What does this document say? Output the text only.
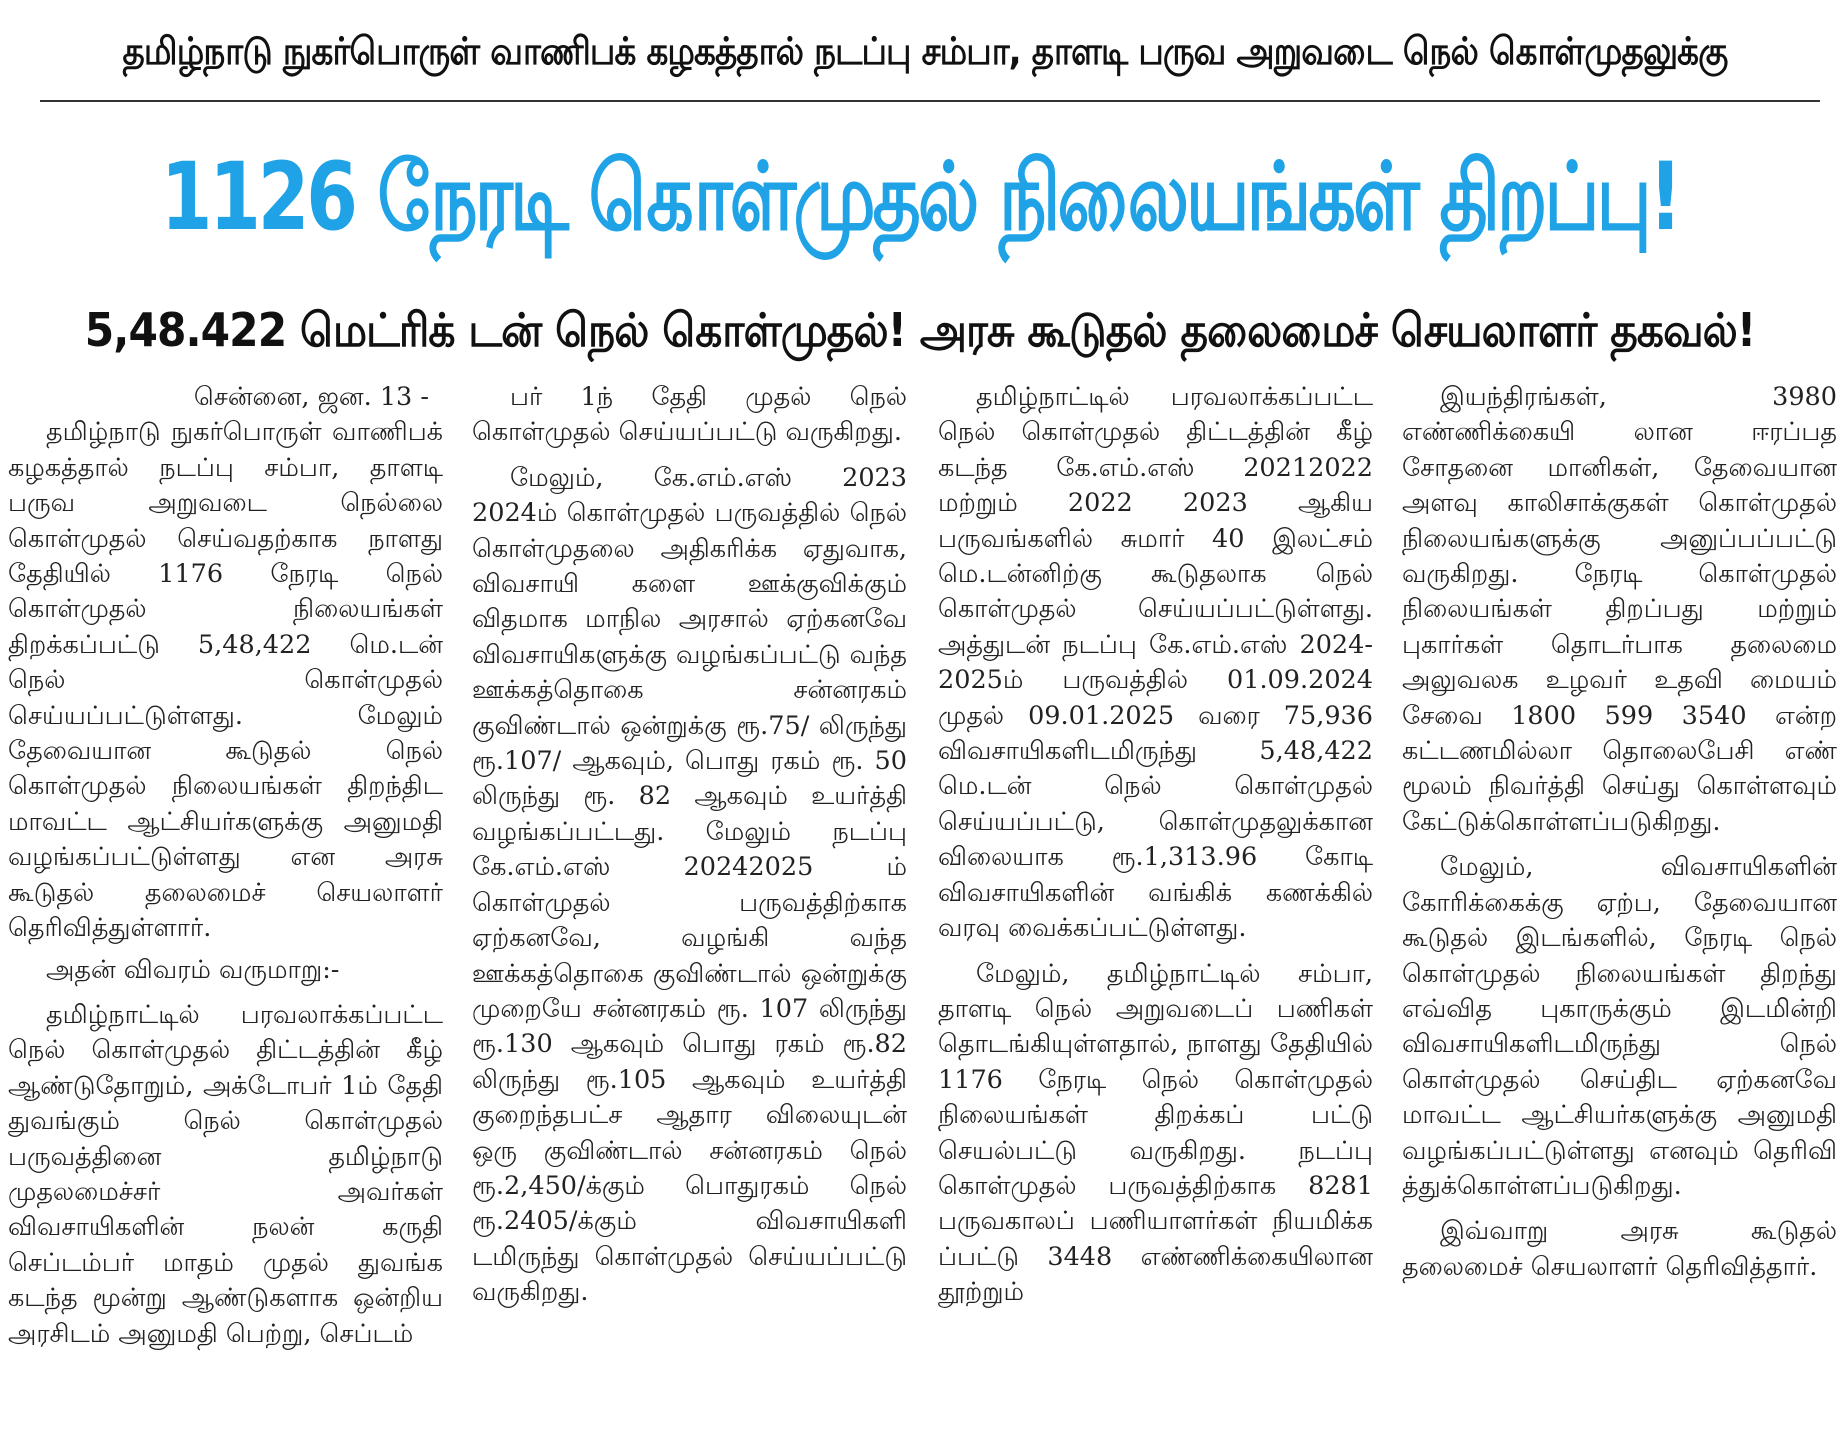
தமிழ்நாடு நுகர்பொருள் வாணிபக் கழகத்தால் நடப்பு சம்பா, தாளடி பருவ அறுவடை நெல் கொள்முதலுக்கு
1126 நேரடி கொள்முதல் நிலையங்கள் திறப்பு!
5,48.422 மெட்ரிக் டன் நெல் கொள்முதல்! அரசு கூடுதல் தலைமைச் செயலாளர் தகவல்!

சென்னை, ஜன. 13 -

தமிழ்நாடு நுகர்பொருள் வாணிபக் கழகத்தால் நடப்பு சம்பா, தாளடி பருவ அறுவடை நெல்லை கொள்முதல் செய்வதற்காக நாளது தேதியில் 1176 நேரடி நெல் கொள்முதல் நிலையங்கள் திறக்கப்பட்டு 5,48,422 மெ.டன் நெல் கொள்முதல் செய்யப்பட்டுள்ளது. மேலும் தேவையான கூடுதல் நெல் கொள்முதல் நிலையங்கள் திறந்திட மாவட்ட ஆட்சியர்களுக்கு அனுமதி வழங்கப்பட்டுள்ளது என அரசு கூடுதல் தலைமைச் செயலாளர் தெரிவித்துள்ளார்.

அதன் விவரம் வருமாறு:-

தமிழ்நாட்டில் பரவலாக்கப்பட்ட நெல் கொள்முதல் திட்டத்தின் கீழ் ஆண்டுதோறும், அக்டோபர் 1ம் தேதி துவங்கும் நெல் கொள்முதல் பருவத்தினை தமிழ்நாடு முதலமைச்சர் அவர்கள் விவசாயிகளின் நலன் கருதி செப்டம்பர் மாதம் முதல் துவங்க கடந்த மூன்று ஆண்டுகளாக ஒன்றிய அரசிடம் அனுமதி பெற்று, செப்டம்

பர் 1ந் தேதி முதல் நெல் கொள்முதல் செய்யப்பட்டு வருகிறது.

மேலும், கே.எம்.எஸ் 2023 2024ம் கொள்முதல் பருவத்தில் நெல் கொள்முதலை அதிகரிக்க ஏதுவாக, விவசாயி களை ஊக்குவிக்கும் விதமாக மாநில அரசால் ஏற்கனவே விவசாயிகளுக்கு வழங்கப்பட்டு வந்த ஊக்கத்தொகை சன்னரகம் குவிண்டால் ஒன்றுக்கு ரூ.75/ லிருந்து ரூ.107/ ஆகவும், பொது ரகம் ரூ. 50 லிருந்து ரூ. 82 ஆகவும் உயர்த்தி வழங்கப்பட்டது. மேலும் நடப்பு கே.எம்.எஸ் 20242025 ம் கொள்முதல் பருவத்திற்காக ஏற்கனவே, வழங்கி வந்த ஊக்கத்தொகை குவிண்டால் ஒன்றுக்கு முறையே சன்னரகம் ரூ. 107 லிருந்து ரூ.130 ஆகவும் பொது ரகம் ரூ.82 லிருந்து ரூ.105 ஆகவும் உயர்த்தி குறைந்தபட்ச ஆதார விலையுடன் ஒரு குவிண்டால் சன்னரகம் நெல் ரூ.2,450/க்கும் பொதுரகம் நெல் ரூ.2405/க்கும் விவசாயிகளி டமிருந்து கொள்முதல் செய்யப்பட்டு வருகிறது.

தமிழ்நாட்டில் பரவலாக்கப்பட்ட நெல் கொள்முதல் திட்டத்தின் கீழ் கடந்த கே.எம்.எஸ் 20212022 மற்றும் 2022 2023 ஆகிய பருவங்களில் சுமார் 40 இலட்சம் மெ.டன்னிற்கு கூடுதலாக நெல் கொள்முதல் செய்யப்பட்டுள்ளது. அத்துடன் நடப்பு கே.எம்.எஸ் 2024-2025ம் பருவத்தில் 01.09.2024 முதல் 09.01.2025 வரை 75,936 விவசாயிகளிடமிருந்து 5,48,422 மெ.டன் நெல் கொள்முதல் செய்யப்பட்டு, கொள்முதலுக்கான விலையாக ரூ.1,313.96 கோடி விவசாயிகளின் வங்கிக் கணக்கில் வரவு வைக்கப்பட்டுள்ளது.

மேலும், தமிழ்நாட்டில் சம்பா, தாளடி நெல் அறுவடைப் பணிகள் தொடங்கியுள்ளதால், நாளது தேதியில் 1176 நேரடி நெல் கொள்முதல் நிலையங்கள் திறக்கப் பட்டு செயல்பட்டு வருகிறது. நடப்பு கொள்முதல் பருவத்திற்காக 8281 பருவகாலப் பணியாளர்கள் நியமிக்க ப்பட்டு 3448 எண்ணிக்கையிலான தூற்றும்

இயந்திரங்கள், 3980 எண்ணிக்கையி லான ஈரப்பத சோதனை மானிகள், தேவையான அளவு காலிசாக்குகள் கொள்முதல் நிலையங்களுக்கு அனுப்பப்பட்டு வருகிறது. நேரடி கொள்முதல் நிலையங்கள் திறப்பது மற்றும் புகார்கள் தொடர்பாக தலைமை அலுவலக உழவர் உதவி மையம் சேவை 1800 599 3540 என்ற கட்டணமில்லா தொலைபேசி எண் மூலம் நிவர்த்தி செய்து கொள்ளவும் கேட்டுக்கொள்ளப்படுகிறது.

மேலும், விவசாயிகளின் கோரிக்கைக்கு ஏற்ப, தேவையான கூடுதல் இடங்களில், நேரடி நெல் கொள்முதல் நிலையங்கள் திறந்து எவ்வித புகாருக்கும் இடமின்றி விவசாயிகளிடமிருந்து நெல் கொள்முதல் செய்திட ஏற்கனவே மாவட்ட ஆட்சியர்களுக்கு அனுமதி வழங்கப்பட்டுள்ளது எனவும் தெரிவி த்துக்கொள்ளப்படுகிறது.

இவ்வாறு அரசு கூடுதல் தலைமைச் செயலாளர் தெரிவித்தார்.
